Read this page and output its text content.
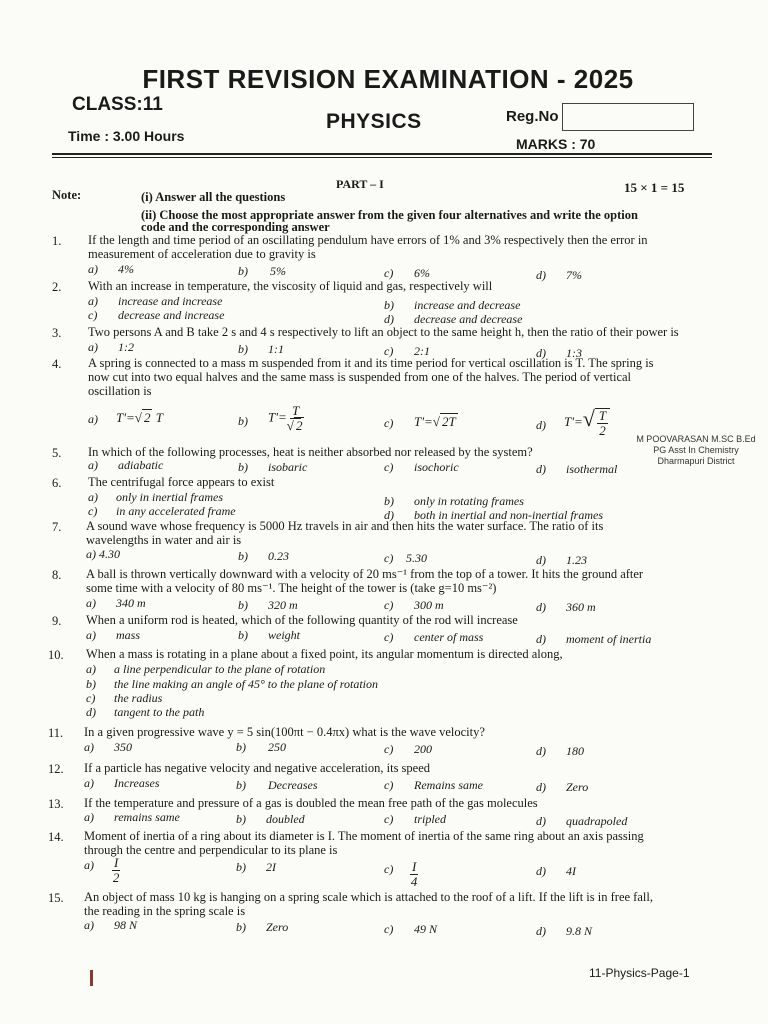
FIRST REVISION EXAMINATION - 2025
CLASS:11
PHYSICS	Reg.No
Time : 3.00 Hours	MARKS : 70
PART – I	15 × 1 = 15
Note:	(i) Answer all the questions
(ii) Choose the most appropriate answer from the given four alternatives and write the option
code and the corresponding answer
1. If the length and time period of an oscillating pendulum have errors of 1% and 3% respectively then the error in
measurement of acceleration due to gravity is
a) 4%	b) 5%	c) 6%	d) 7%
2. With an increase in temperature, the viscosity of liquid and gas, respectively will
a) increase and increase	b) increase and decrease
c) decrease and increase	d) decrease and decrease
3. Two persons A and B take 2 s and 4 s respectively to lift an object to the same height h, then the ratio of their power is
a) 1:2	b) 1:1	c) 2:1	d) 1:3
4. A spring is connected to a mass m suspended from it and its time period for vertical oscillation is T. The spring is
now cut into two equal halves and the same mass is suspended from one of the halves. The period of vertical
oscillation is
a) T'=√ 2 T	b) $T'= \frac{T}{√ 2}$	c) T'=√ 2T	d) $T'=√ \frac{T}{2}$
M POOVARASAN M.SC B.Ed
PG Asst In Chemistry
Dharmapuri District
5. In which of the following processes, heat is neither absorbed nor released by the system?
a) adiabatic	b) isobaric	c) isochoric	d) isothermal
6. The centrifugal force appears to exist
a) only in inertial frames	b) only in rotating frames
c) in any accelerated frame	d) both in inertial and non-inertial frames
7. A sound wave whose frequency is 5000 Hz travels in air and then hits the water surface. The ratio of its
wavelengths in water and air is
a) 4.30	b) 0.23	c) 5.30	d) 1.23
8. A ball is thrown vertically downward with a velocity of 20 ms⁻¹ from the top of a tower. It hits the ground after
some time with a velocity of 80 ms⁻¹. The height of the tower is (take g=10 ms⁻²)
a) 340 m	b) 320 m	c) 300 m	d) 360 m
9. When a uniform rod is heated, which of the following quantity of the rod will increase
a) mass	b) weight	c) center of mass	d) moment of inertia
10. When a mass is rotating in a plane about a fixed point, its angular momentum is directed along,
a) a line perpendicular to the plane of rotation
b) the line making an angle of 45° to the plane of rotation
c) the radius
d) tangent to the path
11. In a given progressive wave y = 5 sin(100πt − 0.4πx) what is the wave velocity?
a) 350	b) 250	c) 200	d) 180
12. If a particle has negative velocity and negative acceleration, its speed
a) Increases	b) Decreases	c) Remains same	d) Zero
13. If the temperature and pressure of a gas is doubled the mean free path of the gas molecules
a) remains same	b) doubled	c) tripled	d) quadrapoled
14. Moment of inertia of a ring about its diameter is I. The moment of inertia of the same ring about an axis passing
through the centre and perpendicular to its plane is
$a) \frac{I}{2}$	b) 2I	$c) \frac{I}{4}$	d) 4I
15. An object of mass 10 kg is hanging on a spring scale which is attached to the roof of a lift. If the lift is in free fall,
the reading in the spring scale is
a) 98 N	b) Zero	c) 49 N	d) 9.8 N
11-Physics-Page-1
